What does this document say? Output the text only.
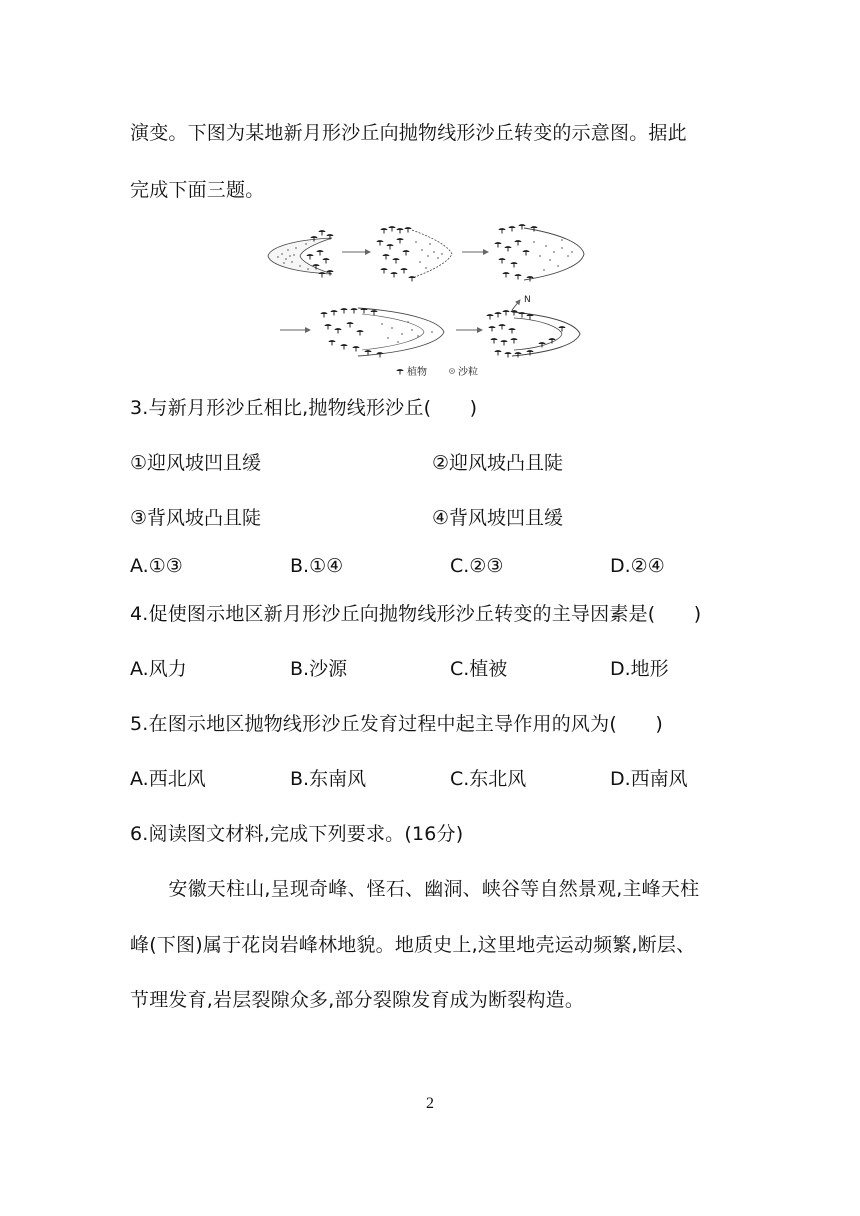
演变。下图为某地新月形沙丘向抛物线形沙丘转变的示意图。据此
完成下面三题。
N
植物	沙粒
3.与新月形沙丘相比,抛物线形沙丘(　　)
①迎风坡凹且缓	②迎风坡凸且陡
③背风坡凸且陡	④背风坡凹且缓
A.①③	B.①④	C.②③	D.②④
4.促使图示地区新月形沙丘向抛物线形沙丘转变的主导因素是(　　)
A.风力	B.沙源	C.植被	D.地形
5.在图示地区抛物线形沙丘发育过程中起主导作用的风为(　　)
A.西北风	B.东南风	C.东北风	D.西南风
6.阅读图文材料,完成下列要求。(16分)
　　安徽天柱山,呈现奇峰、怪石、幽洞、峡谷等自然景观,主峰天柱
峰(下图)属于花岗岩峰林地貌。地质史上,这里地壳运动频繁,断层、
节理发育,岩层裂隙众多,部分裂隙发育成为断裂构造。
2
